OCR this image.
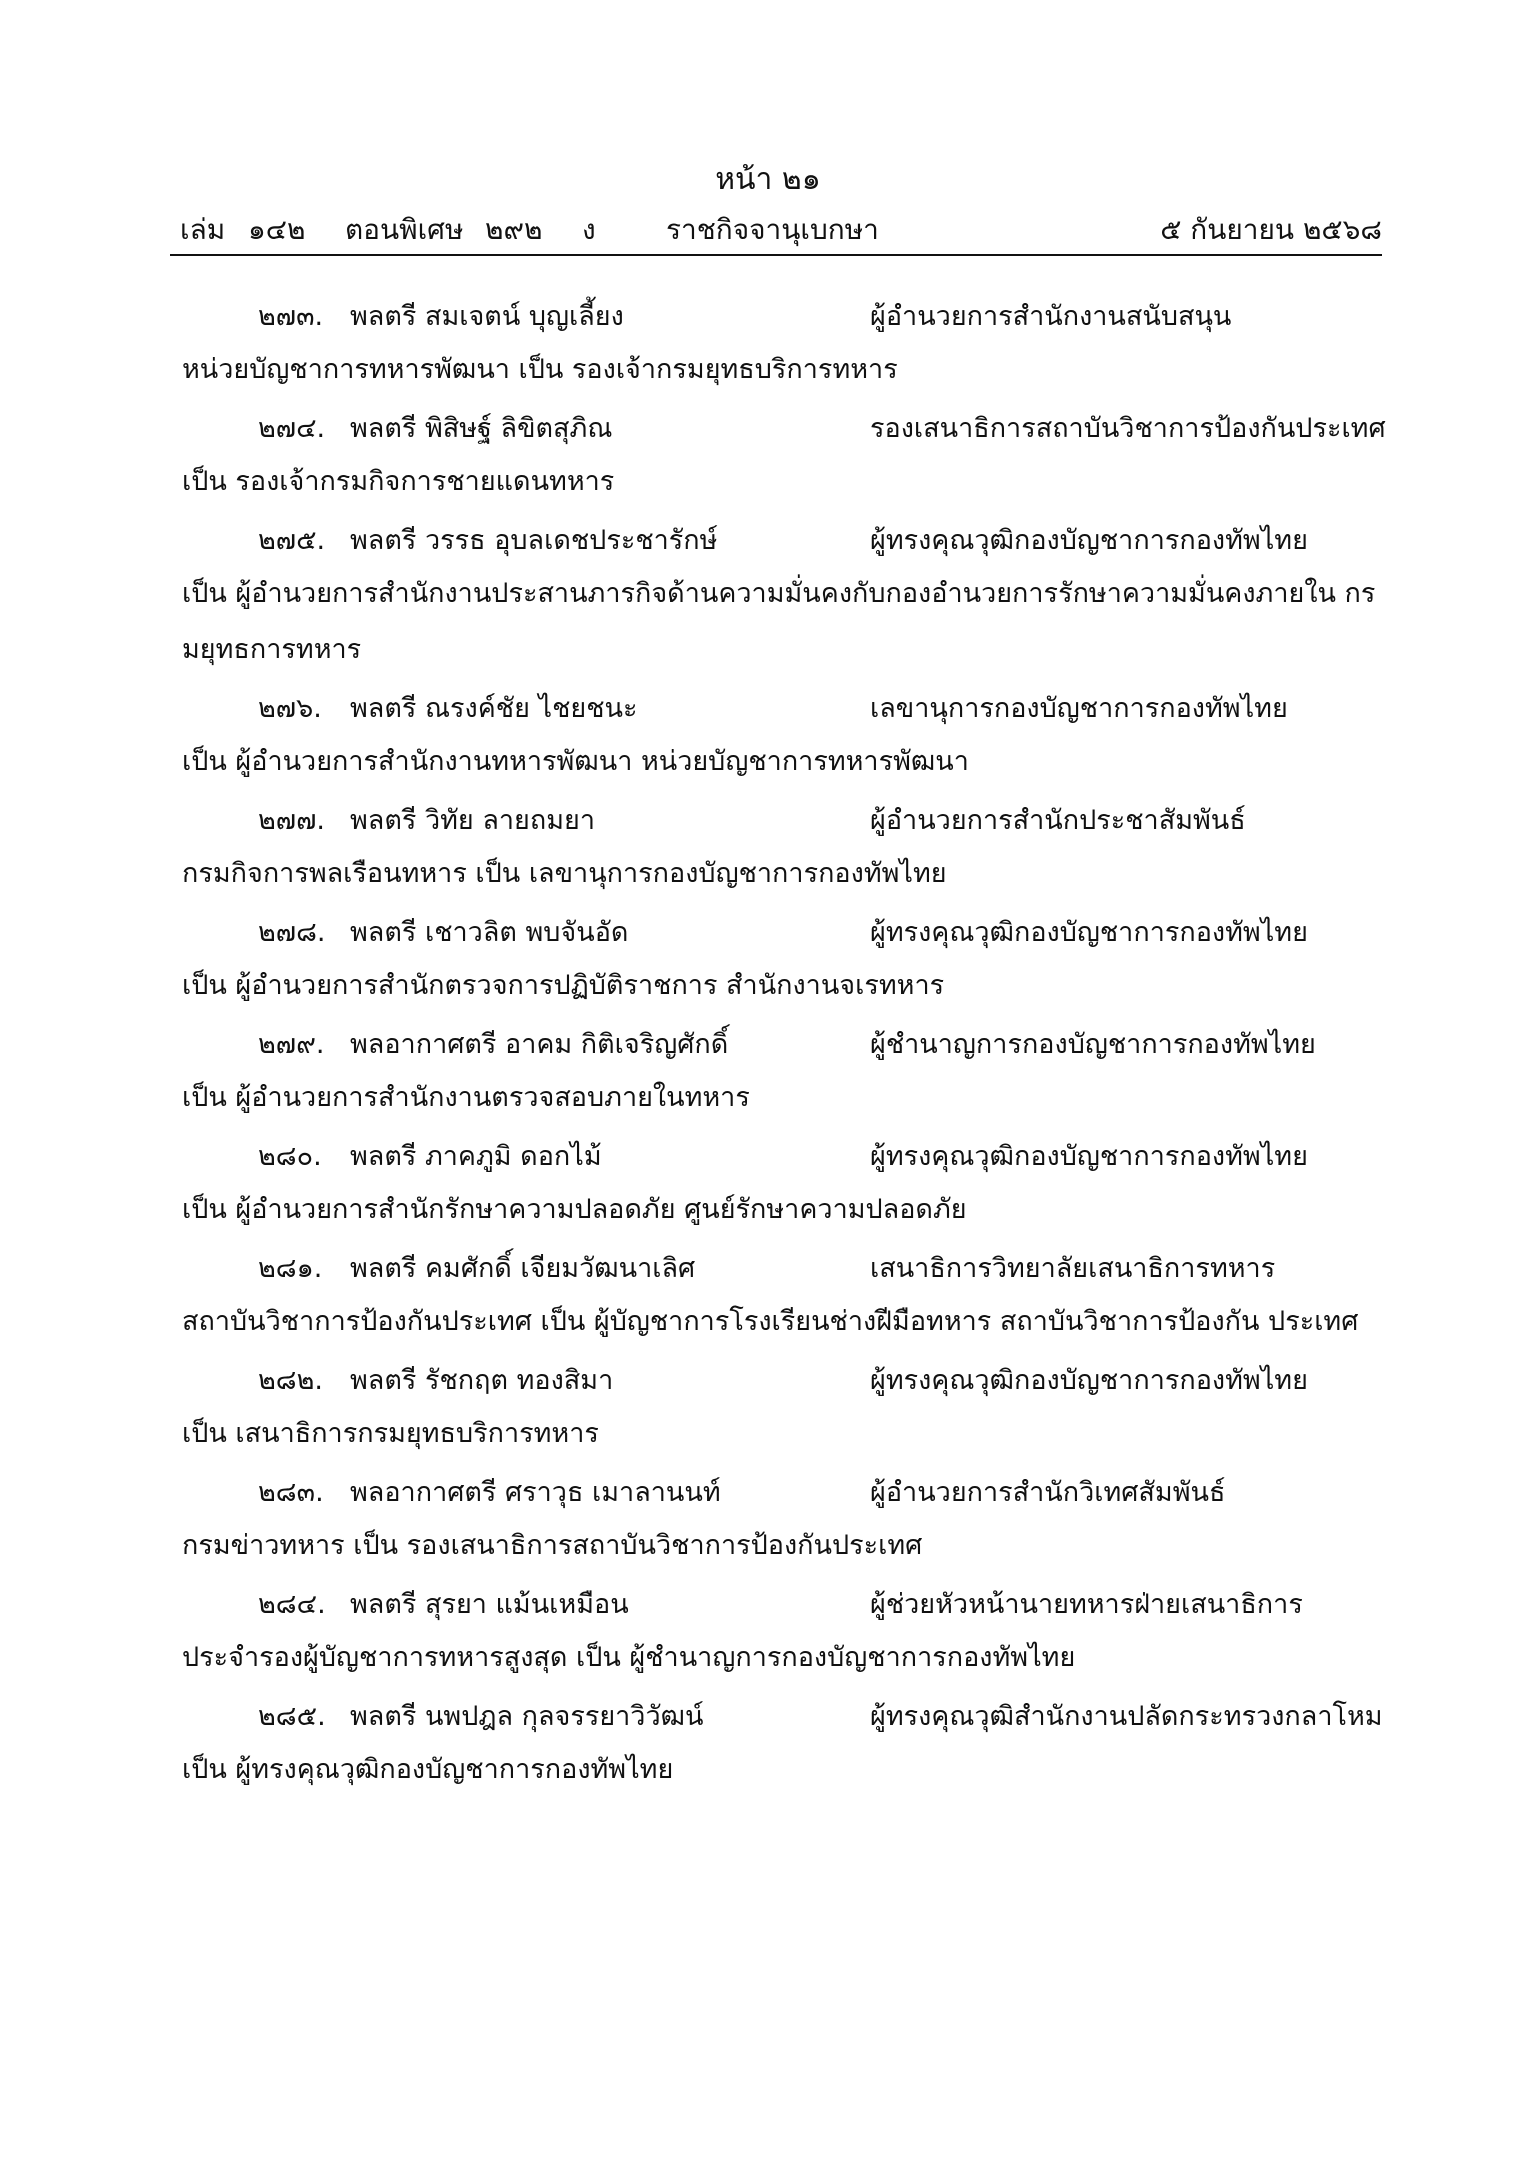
หน้า ๒๑
เล่ม ๑๔๒ ตอนพิเศษ ๒๙๒ ง	ราชกิจจานุเบกษา	๕ กันยายน ๒๕๖๘
๒๗๓. พลตรี สมเจตน์ บุญเลี้ยง	ผู้อำนวยการสำนักงานสนับสนุน
หน่วยบัญชาการทหารพัฒนา เป็น รองเจ้ากรมยุทธบริการทหาร
๒๗๔. พลตรี พิสิษฐ์ ลิขิตสุภิณ	รองเสนาธิการสถาบันวิชาการป้องกันประเทศ
เป็น รองเจ้ากรมกิจการชายแดนทหาร
๒๗๕. พลตรี วรรธ อุบลเดชประชารักษ์	ผู้ทรงคุณวุฒิกองบัญชาการกองทัพไทย
เป็น ผู้อำนวยการสำนักงานประสานภารกิจด้านความมั่นคงกับกองอำนวยการรักษาความมั่นคงภายใน กรมยุทธการทหาร
๒๗๖. พลตรี ณรงค์ชัย ไชยชนะ	เลขานุการกองบัญชาการกองทัพไทย
เป็น ผู้อำนวยการสำนักงานทหารพัฒนา หน่วยบัญชาการทหารพัฒนา
๒๗๗. พลตรี วิทัย ลายถมยา	ผู้อำนวยการสำนักประชาสัมพันธ์
กรมกิจการพลเรือนทหาร เป็น เลขานุการกองบัญชาการกองทัพไทย
๒๗๘. พลตรี เชาวลิต พบจันอัด	ผู้ทรงคุณวุฒิกองบัญชาการกองทัพไทย
เป็น ผู้อำนวยการสำนักตรวจการปฏิบัติราชการ สำนักงานจเรทหาร
๒๗๙. พลอากาศตรี อาคม กิติเจริญศักดิ์	ผู้ชำนาญการกองบัญชาการกองทัพไทย
เป็น ผู้อำนวยการสำนักงานตรวจสอบภายในทหาร
๒๘๐. พลตรี ภาคภูมิ ดอกไม้	ผู้ทรงคุณวุฒิกองบัญชาการกองทัพไทย
เป็น ผู้อำนวยการสำนักรักษาความปลอดภัย ศูนย์รักษาความปลอดภัย
๒๘๑. พลตรี คมศักดิ์ เจียมวัฒนาเลิศ	เสนาธิการวิทยาลัยเสนาธิการทหาร
สถาบันวิชาการป้องกันประเทศ เป็น ผู้บัญชาการโรงเรียนช่างฝีมือทหาร สถาบันวิชาการป้องกัน ประเทศ
๒๘๒. พลตรี รัชกฤต ทองสิมา	ผู้ทรงคุณวุฒิกองบัญชาการกองทัพไทย
เป็น เสนาธิการกรมยุทธบริการทหาร
๒๘๓. พลอากาศตรี ศราวุธ เมาลานนท์	ผู้อำนวยการสำนักวิเทศสัมพันธ์
กรมข่าวทหาร เป็น รองเสนาธิการสถาบันวิชาการป้องกันประเทศ
๒๘๔. พลตรี สุรยา แม้นเหมือน	ผู้ช่วยหัวหน้านายทหารฝ่ายเสนาธิการ
ประจำรองผู้บัญชาการทหารสูงสุด เป็น ผู้ชำนาญการกองบัญชาการกองทัพไทย
๒๘๕. พลตรี นพปฎล กุลจรรยาวิวัฒน์	ผู้ทรงคุณวุฒิสำนักงานปลัดกระทรวงกลาโหม
เป็น ผู้ทรงคุณวุฒิกองบัญชาการกองทัพไทย
